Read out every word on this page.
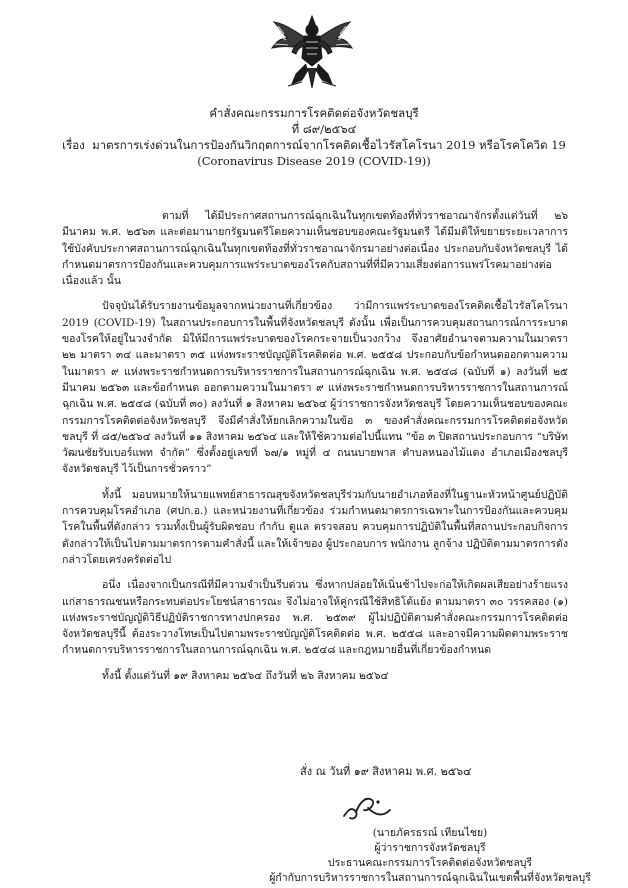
คำสั่งคณะกรรมการโรคติดต่อจังหวัดชลบุรี
ที่ ๘๙/๒๕๖๔
เรื่อง มาตรการเร่งด่วนในการป้องกันวิกฤตการณ์จากโรคติดเชื้อไวรัสโคโรนา 2019 หรือโรคโควิด 19
(Coronavirus Disease 2019 (COVID-19))

ตามที่ ได้มีประกาศสถานการณ์ฉุกเฉินในทุกเขตท้องที่ทั่วราชอาณาจักรตั้งแต่วันที่ ๒๖ มีนาคม พ.ศ. ๒๕๖๓ และต่อมานายกรัฐมนตรีโดยความเห็นชอบของคณะรัฐมนตรี ได้มีมติให้ขยายระยะเวลาการใช้บังคับประกาศสถานการณ์ฉุกเฉินในทุกเขตท้องที่ทั่วราชอาณาจักรมาอย่างต่อเนื่อง ประกอบกับจังหวัดชลบุรี ได้กำหนดมาตรการป้องกันและควบคุมการแพร่ระบาดของโรคกับสถานที่ที่มีความเสี่ยงต่อการแพร่โรคมาอย่างต่อเนื่องแล้ว นั้น

ปัจจุบันได้รับรายงานข้อมูลจากหน่วยงานที่เกี่ยวข้อง ว่ามีการแพร่ระบาดของโรคติดเชื้อไวรัสโคโรนา 2019 (COVID-19) ในสถานประกอบการในพื้นที่จังหวัดชลบุรี ดังนั้น เพื่อเป็นการควบคุมสถานการณ์การระบาดของโรคให้อยู่ในวงจำกัด มิให้มีการแพร่ระบาดของโรคกระจายเป็นวงกว้าง จึงอาศัยอำนาจตามความในมาตรา ๒๒ มาตรา ๓๔ และมาตรา ๓๕ แห่งพระราชบัญญัติโรคติดต่อ พ.ศ. ๒๕๕๘ ประกอบกับข้อกำหนดออกตามความในมาตรา ๙ แห่งพระราชกำหนดการบริหารราชการในสถานการณ์ฉุกเฉิน พ.ศ. ๒๕๔๘ (ฉบับที่ ๑) ลงวันที่ ๒๕ มีนาคม ๒๕๖๓ และข้อกำหนด ออกตามความในมาตรา ๙ แห่งพระราชกำหนดการบริหารราชการในสถานการณ์ฉุกเฉิน พ.ศ. ๒๕๔๘ (ฉบับที่ ๓๐) ลงวันที่ ๑ สิงหาคม ๒๕๖๔ ผู้ว่าราชการจังหวัดชลบุรี โดยความเห็นชอบของคณะกรรมการโรคติดต่อจังหวัดชลบุรี จึงมีคำสั่งให้ยกเลิกความในข้อ ๓ ของคำสั่งคณะกรรมการโรคติดต่อจังหวัดชลบุรี ที่ ๘๕/๒๕๖๔ ลงวันที่ ๑๑ สิงหาคม ๒๕๖๔ และให้ใช้ความต่อไปนี้แทน “ข้อ ๓ ปิดสถานประกอบการ “บริษัท วัฒนชัยรับเบอร์แพท จำกัด” ซึ่งตั้งอยู่เลขที่ ๖๗/๑ หมู่ที่ ๔ ถนนบายพาส ตำบลหนองไม้แดง อำเภอเมืองชลบุรี จังหวัดชลบุรี ไว้เป็นการชั่วคราว”

ทั้งนี้ มอบหมายให้นายแพทย์สาธารณสุขจังหวัดชลบุรีร่วมกับนายอำเภอท้องที่ในฐานะหัวหน้าศูนย์ปฏิบัติการควบคุมโรคอำเภอ (ศปก.อ.) และหน่วยงานที่เกี่ยวข้อง ร่วมกำหนดมาตรการเฉพาะในการป้องกันและควบคุมโรคในพื้นที่ดังกล่าว รวมทั้งเป็นผู้รับผิดชอบ กำกับ ดูแล ตรวจสอบ ควบคุมการปฏิบัติในพื้นที่สถานประกอบกิจการดังกล่าวให้เป็นไปตามมาตรการตามคำสั่งนี้ และให้เจ้าของ ผู้ประกอบการ พนักงาน ลูกจ้าง ปฏิบัติตามมาตรการดังกล่าวโดยเคร่งครัดต่อไป

อนึ่ง เนื่องจากเป็นกรณีที่มีความจำเป็นรีบด่วน ซึ่งหากปล่อยให้เนิ่นช้าไปจะก่อให้เกิดผลเสียอย่างร้ายแรงแก่สาธารณชนหรือกระทบต่อประโยชน์สาธารณะ จึงไม่อาจให้คู่กรณีใช้สิทธิโต้แย้ง ตามมาตรา ๓๐ วรรคสอง (๑) แห่งพระราชบัญญัติวิธีปฏิบัติราชการทางปกครอง พ.ศ. ๒๕๓๙ ผู้ไม่ปฏิบัติตามคำสั่งคณะกรรมการโรคติดต่อจังหวัดชลบุรีนี้ ต้องระวางโทษเป็นไปตามพระราชบัญญัติโรคติดต่อ พ.ศ. ๒๕๕๘ และอาจมีความผิดตามพระราชกำหนดการบริหารราชการในสถานการณ์ฉุกเฉิน พ.ศ. ๒๕๔๘ และกฎหมายอื่นที่เกี่ยวข้องกำหนด

ทั้งนี้ ตั้งแต่วันที่ ๑๙ สิงหาคม ๒๕๖๔ ถึงวันที่ ๒๖ สิงหาคม ๒๕๖๔

สั่ง ณ วันที่ ๑๙ สิงหาคม พ.ศ. ๒๕๖๔
(นายภัครธรณ์ เทียนไชย)
ผู้ว่าราชการจังหวัดชลบุรี
ประธานคณะกรรมการโรคติดต่อจังหวัดชลบุรี
ผู้กำกับการบริหารราชการในสถานการณ์ฉุกเฉินในเขตพื้นที่จังหวัดชลบุรี
